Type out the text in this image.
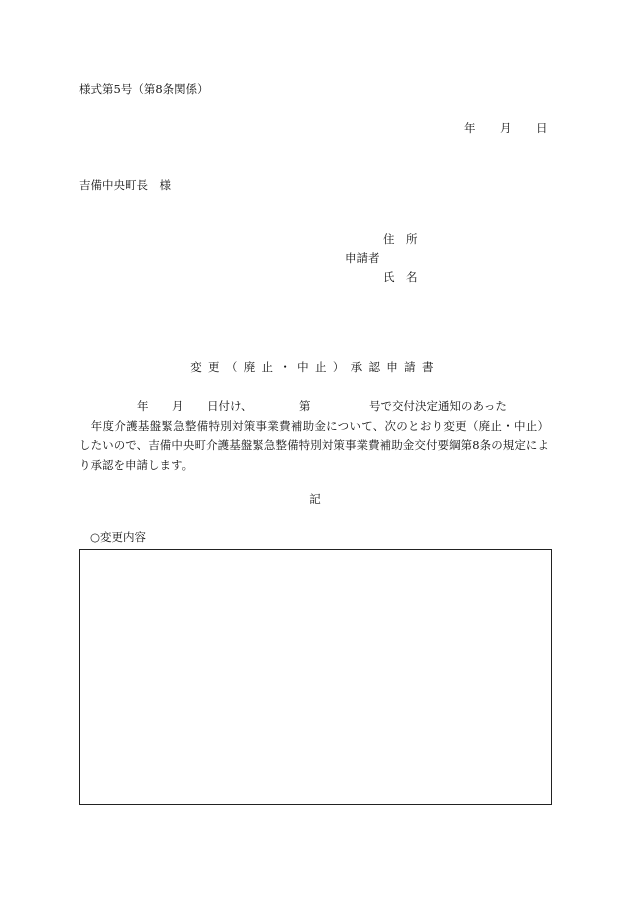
様式第5号（第8条関係）
年 月 日
吉備中央町長　様
住　所
申請者
氏　名
変更（廃止・中止）承認申請書
年 月 日付け、	第	号で交付決定通知のあった
年度介護基盤緊急整備特別対策事業費補助金について、次のとおり変更（廃止・中止）したいので、吉備中央町介護基盤緊急整備特別対策事業費補助金交付要綱第8条の規定により承認を申請します。
記
○変更内容
